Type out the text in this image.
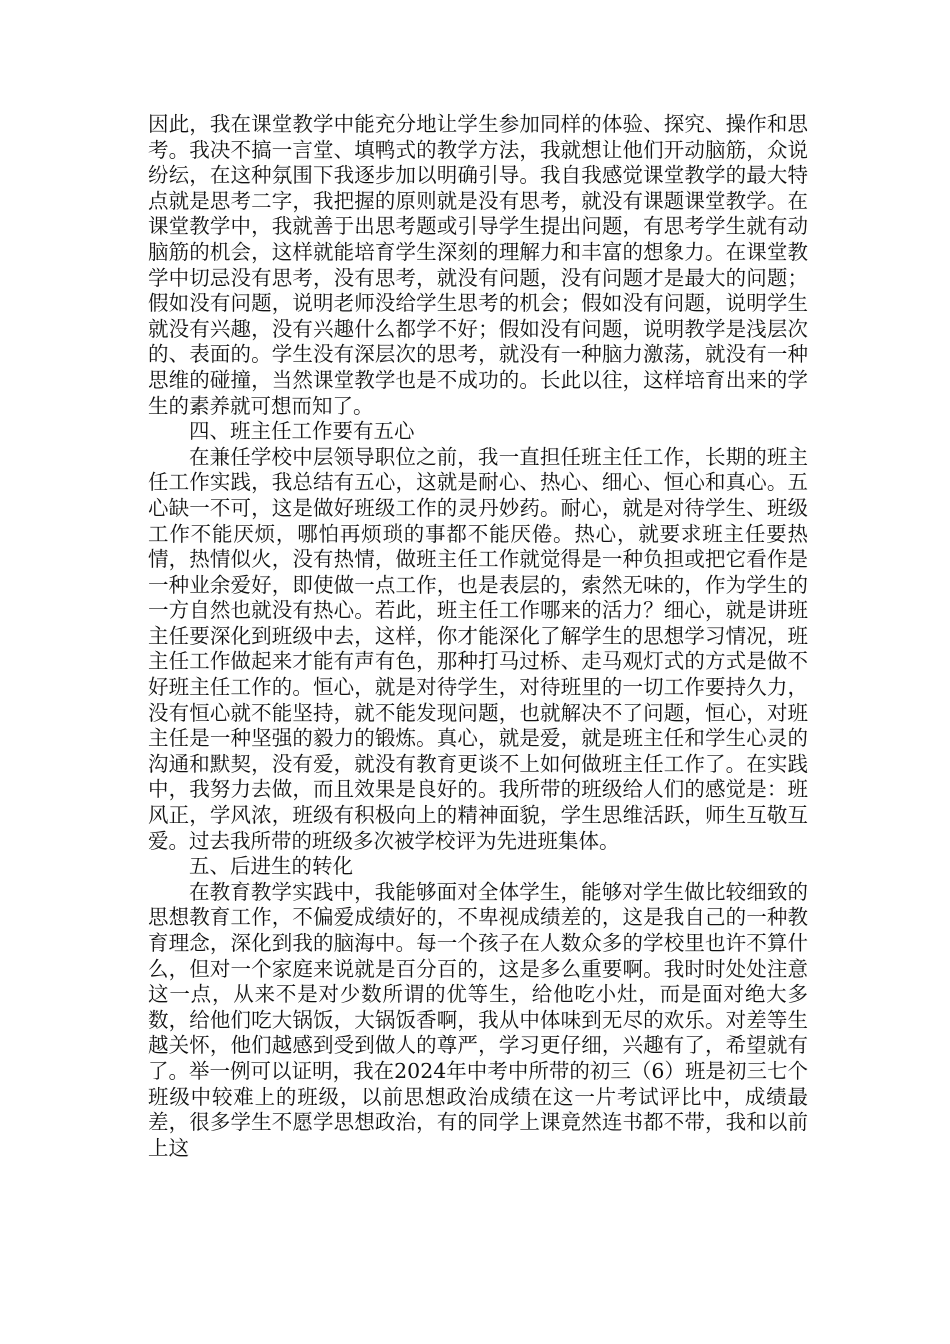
因此，我在课堂教学中能充分地让学生参加同样的体验、探究、操作和思考。我决不搞一言堂、填鸭式的教学方法，我就想让他们开动脑筋，众说纷纭，在这种氛围下我逐步加以明确引导。我自我感觉课堂教学的最大特点就是思考二字，我把握的原则就是没有思考，就没有课题课堂教学。在课堂教学中，我就善于出思考题或引导学生提出问题，有思考学生就有动脑筋的机会，这样就能培育学生深刻的理解力和丰富的想象力。在课堂教学中切忌没有思考，没有思考，就没有问题，没有问题才是最大的问题；假如没有问题，说明老师没给学生思考的机会；假如没有问题，说明学生就没有兴趣，没有兴趣什么都学不好；假如没有问题，说明教学是浅层次的、表面的。学生没有深层次的思考，就没有一种脑力激荡，就没有一种思维的碰撞，当然课堂教学也是不成功的。长此以往，这样培育出来的学生的素养就可想而知了。

四、班主任工作要有五心

在兼任学校中层领导职位之前，我一直担任班主任工作，长期的班主任工作实践，我总结有五心，这就是耐心、热心、细心、恒心和真心。五心缺一不可，这是做好班级工作的灵丹妙药。耐心，就是对待学生、班级工作不能厌烦，哪怕再烦琐的事都不能厌倦。热心，就要求班主任要热情，热情似火，没有热情，做班主任工作就觉得是一种负担或把它看作是一种业余爱好，即使做一点工作，也是表层的，索然无味的，作为学生的一方自然也就没有热心。若此，班主任工作哪来的活力？细心，就是讲班主任要深化到班级中去，这样，你才能深化了解学生的思想学习情况，班主任工作做起来才能有声有色，那种打马过桥、走马观灯式的方式是做不好班主任工作的。恒心，就是对待学生，对待班里的一切工作要持久力，没有恒心就不能坚持，就不能发现问题，也就解决不了问题，恒心，对班主任是一种坚强的毅力的锻炼。真心，就是爱，就是班主任和学生心灵的沟通和默契，没有爱，就没有教育更谈不上如何做班主任工作了。在实践中，我努力去做，而且效果是良好的。我所带的班级给人们的感觉是：班风正，学风浓，班级有积极向上的精神面貌，学生思维活跃，师生互敬互爱。过去我所带的班级多次被学校评为先进班集体。

五、后进生的转化

在教育教学实践中，我能够面对全体学生，能够对学生做比较细致的思想教育工作，不偏爱成绩好的，不卑视成绩差的，这是我自己的一种教育理念，深化到我的脑海中。每一个孩子在人数众多的学校里也许不算什么，但对一个家庭来说就是百分百的，这是多么重要啊。我时时处处注意这一点，从来不是对少数所谓的优等生，给他吃小灶，而是面对绝大多数，给他们吃大锅饭，大锅饭香啊，我从中体味到无尽的欢乐。对差等生越关怀，他们越感到受到做人的尊严，学习更仔细，兴趣有了，希望就有了。举一例可以证明，我在2024年中考中所带的初三（6）班是初三七个班级中较难上的班级，以前思想政治成绩在这一片考试评比中，成绩最差，很多学生不愿学思想政治，有的同学上课竟然连书都不带，我和以前上这
